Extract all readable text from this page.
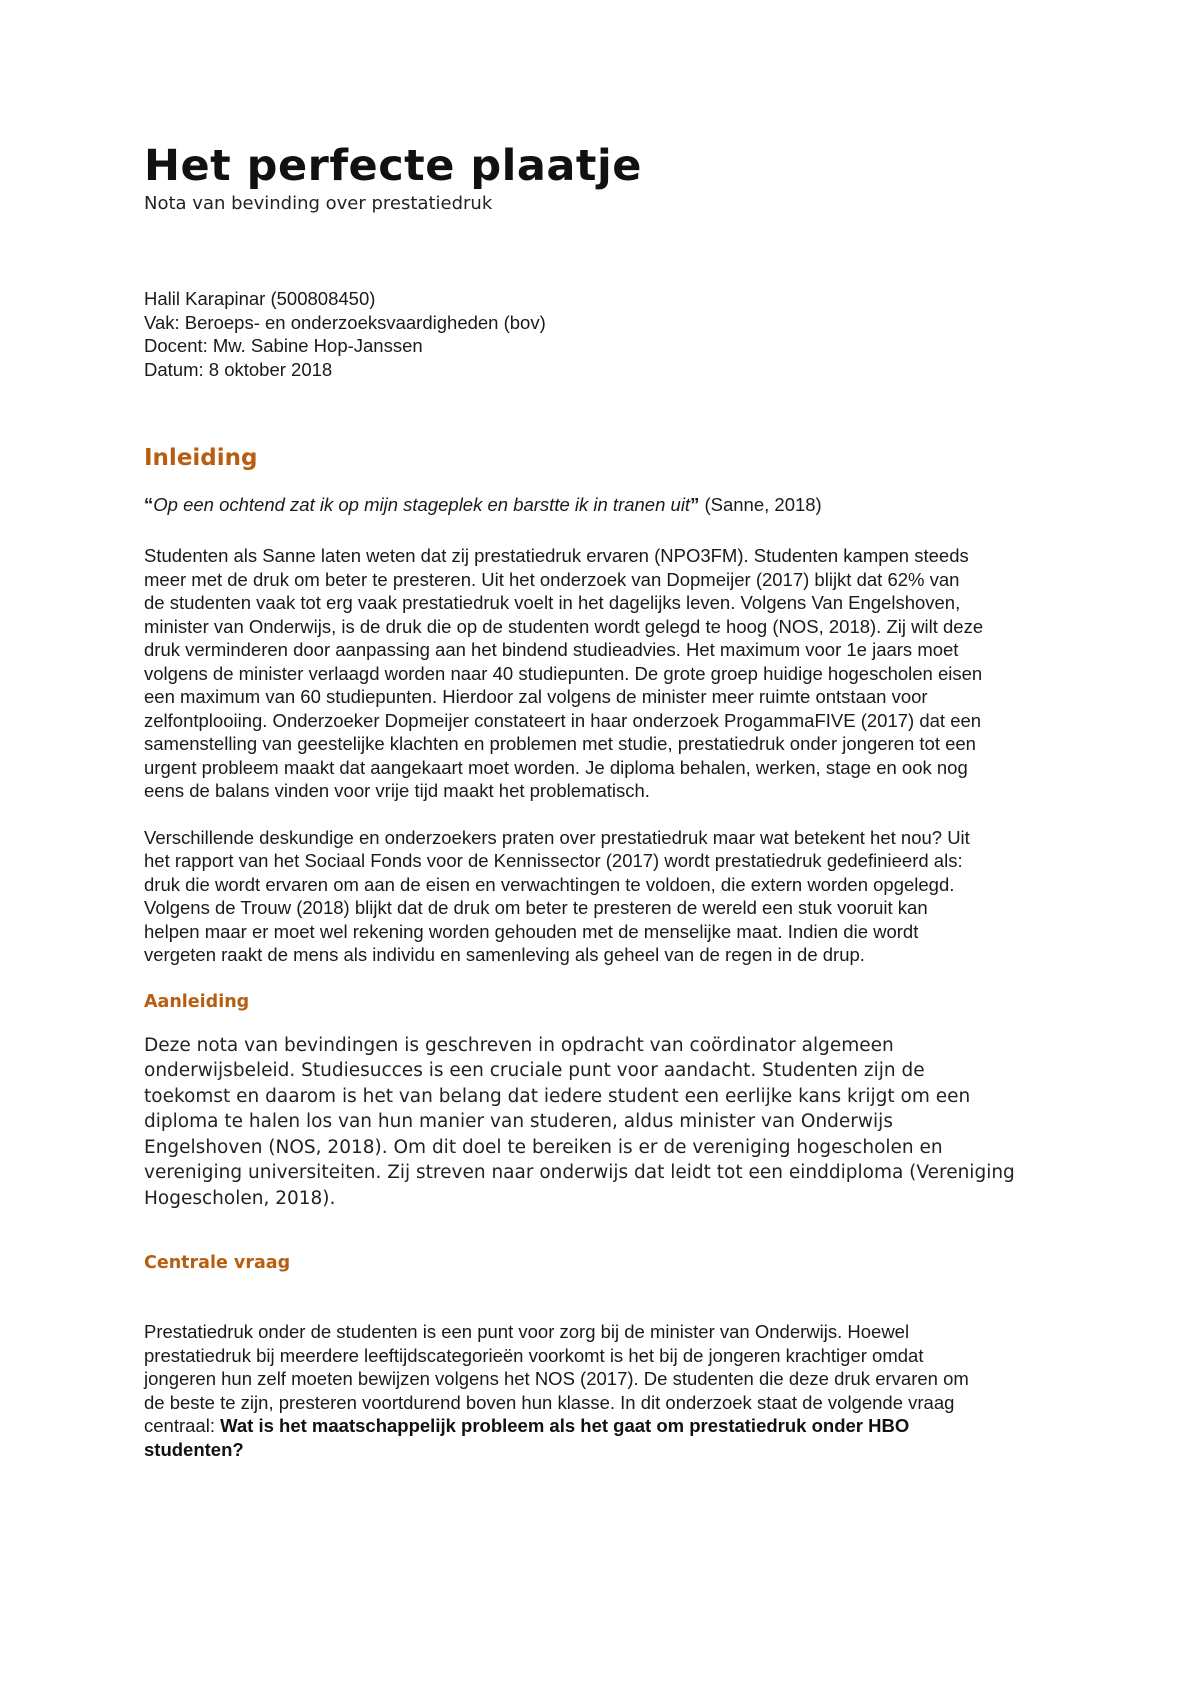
Het perfecte plaatje
Nota van bevinding over prestatiedruk
Halil Karapinar (500808450)
Vak: Beroeps- en onderzoeksvaardigheden (bov)
Docent: Mw. Sabine Hop-Janssen
Datum: 8 oktober 2018
Inleiding
“Op een ochtend zat ik op mijn stageplek en barstte ik in tranen uit” (Sanne, 2018)

Studenten als Sanne laten weten dat zij prestatiedruk ervaren (NPO3FM). Studenten kampen steeds
meer met de druk om beter te presteren. Uit het onderzoek van Dopmeijer (2017) blijkt dat 62% van
de studenten vaak tot erg vaak prestatiedruk voelt in het dagelijks leven. Volgens Van Engelshoven,
minister van Onderwijs, is de druk die op de studenten wordt gelegd te hoog (NOS, 2018). Zij wilt deze
druk verminderen door aanpassing aan het bindend studieadvies. Het maximum voor 1e jaars moet
volgens de minister verlaagd worden naar 40 studiepunten. De grote groep huidige hogescholen eisen
een maximum van 60 studiepunten. Hierdoor zal volgens de minister meer ruimte ontstaan voor
zelfontplooiing. Onderzoeker Dopmeijer constateert in haar onderzoek ProgammaFIVE (2017) dat een
samenstelling van geestelijke klachten en problemen met studie, prestatiedruk onder jongeren tot een
urgent probleem maakt dat aangekaart moet worden. Je diploma behalen, werken, stage en ook nog
eens de balans vinden voor vrije tijd maakt het problematisch.

Verschillende deskundige en onderzoekers praten over prestatiedruk maar wat betekent het nou? Uit
het rapport van het Sociaal Fonds voor de Kennissector (2017) wordt prestatiedruk gedefinieerd als:
druk die wordt ervaren om aan de eisen en verwachtingen te voldoen, die extern worden opgelegd.
Volgens de Trouw (2018) blijkt dat de druk om beter te presteren de wereld een stuk vooruit kan
helpen maar er moet wel rekening worden gehouden met de menselijke maat. Indien die wordt
vergeten raakt de mens als individu en samenleving als geheel van de regen in de drup.

Aanleiding

Deze nota van bevindingen is geschreven in opdracht van coördinator algemeen
onderwijsbeleid. Studiesucces is een cruciale punt voor aandacht. Studenten zijn de
toekomst en daarom is het van belang dat iedere student een eerlijke kans krijgt om een
diploma te halen los van hun manier van studeren, aldus minister van Onderwijs
Engelshoven (NOS, 2018). Om dit doel te bereiken is er de vereniging hogescholen en
vereniging universiteiten. Zij streven naar onderwijs dat leidt tot een einddiploma (Vereniging
Hogescholen, 2018).

Centrale vraag

Prestatiedruk onder de studenten is een punt voor zorg bij de minister van Onderwijs. Hoewel
prestatiedruk bij meerdere leeftijdscategorieën voorkomt is het bij de jongeren krachtiger omdat
jongeren hun zelf moeten bewijzen volgens het NOS (2017). De studenten die deze druk ervaren om
de beste te zijn, presteren voortdurend boven hun klasse. In dit onderzoek staat de volgende vraag
centraal: Wat is het maatschappelijk probleem als het gaat om prestatiedruk onder HBO
studenten?
